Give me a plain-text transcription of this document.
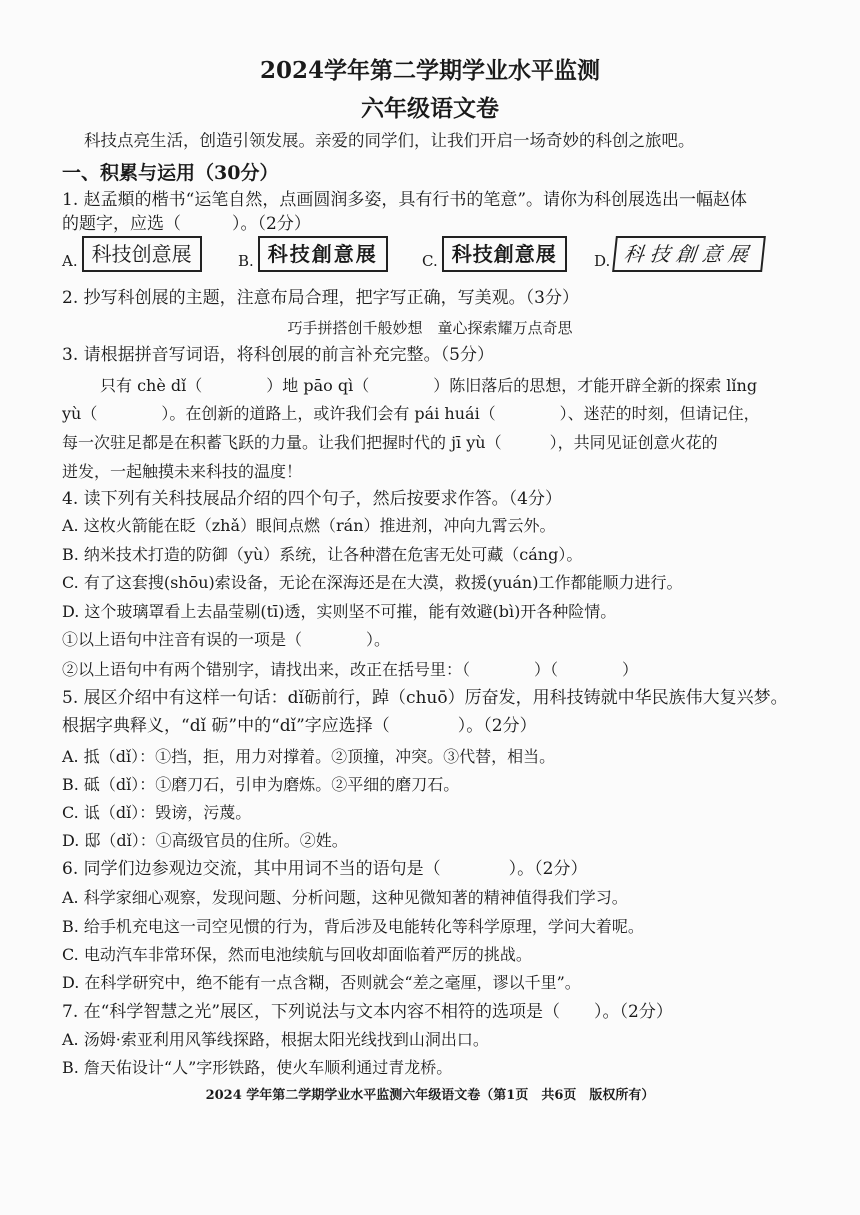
2024学年第二学期学业水平监测
六年级语文卷
科技点亮生活，创造引领发展。亲爱的同学们，让我们开启一场奇妙的科创之旅吧。
一、积累与运用（30分）
1. 赵孟頫的楷书“运笔自然，点画圆润多姿，具有行书的笔意”。请你为科创展选出一幅赵体
的题字，应选（　　　）。（2分）
A. 科技创意展	B. 科技創意展	C. 科技創意展	D. 科技創意展
2. 抄写科创展的主题，注意布局合理，把字写正确，写美观。（3分）
巧手拼搭创千般妙想　童心探索耀万点奇思
3. 请根据拼音写词语，将科创展的前言补充完整。（5分）
只有 chè dǐ（　　　　）地 pāo qì（　　　　）陈旧落后的思想，才能开辟全新的探索 lǐng
yù（　　　　）。在创新的道路上，或许我们会有 pái huái（　　　　）、迷茫的时刻，但请记住，
每一次驻足都是在积蓄飞跃的力量。让我们把握时代的 jī yù（　　　），共同见证创意火花的
迸发，一起触摸未来科技的温度！
4. 读下列有关科技展品介绍的四个句子，然后按要求作答。（4分）
A. 这枚火箭能在眨（zhǎ）眼间点燃（rán）推进剂，冲向九霄云外。
B. 纳米技术打造的防御（yù）系统，让各种潜在危害无处可藏（cáng）。
C. 有了这套搜(shōu)索设备，无论在深海还是在大漠，救援(yuán)工作都能顺力进行。
D. 这个玻璃罩看上去晶莹剔(tī)透，实则坚不可摧，能有效避(bì)开各种险情。
①以上语句中注音有误的一项是（　　　　）。
②以上语句中有两个错别字，请找出来，改正在括号里：（　　　　）（　　　　）
5. 展区介绍中有这样一句话：dǐ砺前行，踔（chuō）厉奋发，用科技铸就中华民族伟大复兴梦。
根据字典释义，“dǐ 砺”中的“dǐ”字应选择（　　　　）。（2分）
A. 抵（dǐ）：①挡，拒，用力对撑着。②顶撞，冲突。③代替，相当。
B. 砥（dǐ）：①磨刀石，引申为磨炼。②平细的磨刀石。
C. 诋（dǐ）：毁谤，污蔑。
D. 邸（dǐ）：①高级官员的住所。②姓。
6. 同学们边参观边交流，其中用词不当的语句是（　　　　）。（2分）
A. 科学家细心观察，发现问题、分析问题，这种见微知著的精神值得我们学习。
B. 给手机充电这一司空见惯的行为，背后涉及电能转化等科学原理，学问大着呢。
C. 电动汽车非常环保，然而电池续航与回收却面临着严厉的挑战。
D. 在科学研究中，绝不能有一点含糊，否则就会“差之毫厘，谬以千里”。
7. 在“科学智慧之光”展区，下列说法与文本内容不相符的选项是（　　）。（2分）
A. 汤姆·索亚利用风筝线探路，根据太阳光线找到山洞出口。
B. 詹天佑设计“人”字形铁路，使火车顺利通过青龙桥。
2024 学年第二学期学业水平监测六年级语文卷（第1页　共6页　版权所有）
